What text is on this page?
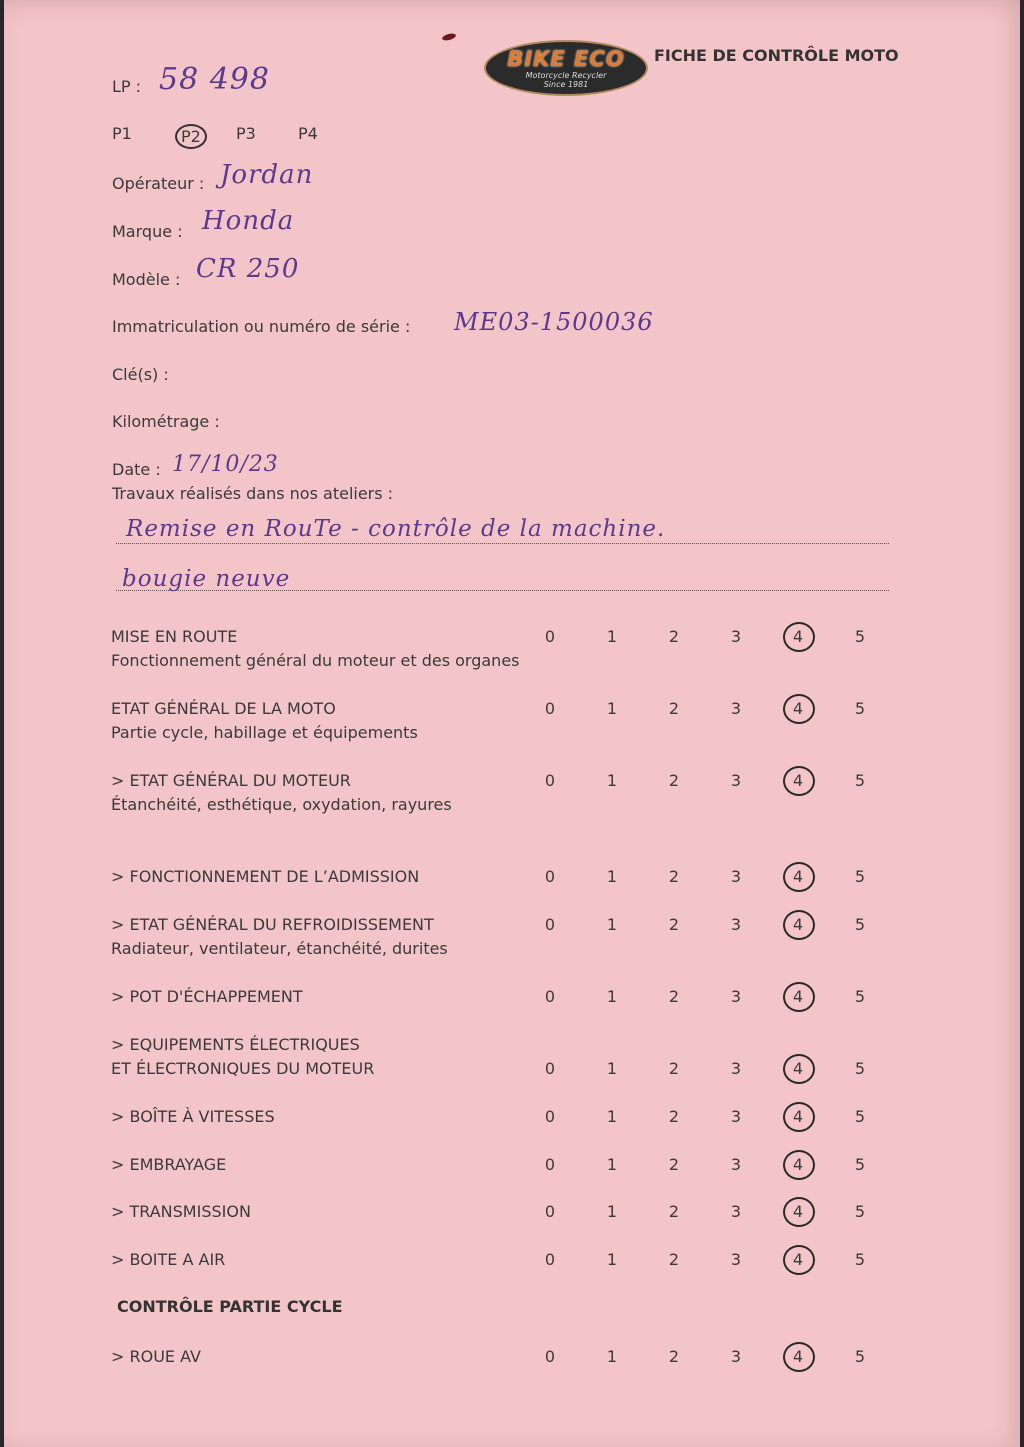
BIKE ECO
Motorcycle Recycler
Since 1981
FICHE DE CONTRÔLE MOTO
LP : 58 498
P1	P2	P3	P4
Opérateur : Jordan
Marque : Honda
Modèle : CR 250
Immatriculation ou numéro de série : ME03-1500036
Clé(s) :
Kilométrage :
Date : 17/10/23
Travaux réalisés dans nos ateliers :
Remise en RouTe - contrôle de la machine.
bougie neuve
MISE EN ROUTE
Fonctionnement général du moteur et des organes
0	1	2	3	4	5
ETAT GÉNÉRAL DE LA MOTO
Partie cycle, habillage et équipements
0	1	2	3	4	5
> ETAT GÉNÉRAL DU MOTEUR
Étanchéité, esthétique, oxydation, rayures
0	1	2	3	4	5
> FONCTIONNEMENT DE L’ADMISSION	0	1	2	3	4	5
> ETAT GÉNÉRAL DU REFROIDISSEMENT
Radiateur, ventilateur, étanchéité, durites
0	1	2	3	4	5
> POT D'ÉCHAPPEMENT	0	1	2	3	4	5
> EQUIPEMENTS ÉLECTRIQUES
ET ÉLECTRONIQUES DU MOTEUR	0	1	2	3	4	5
> BOÎTE À VITESSES	0	1	2	3	4	5
> EMBRAYAGE	0	1	2	3	4	5
> TRANSMISSION	0	1	2	3	4	5
> BOITE A AIR	0	1	2	3	4	5
> ROUE AV	0	1	2	3	4	5
CONTRÔLE PARTIE CYCLE
